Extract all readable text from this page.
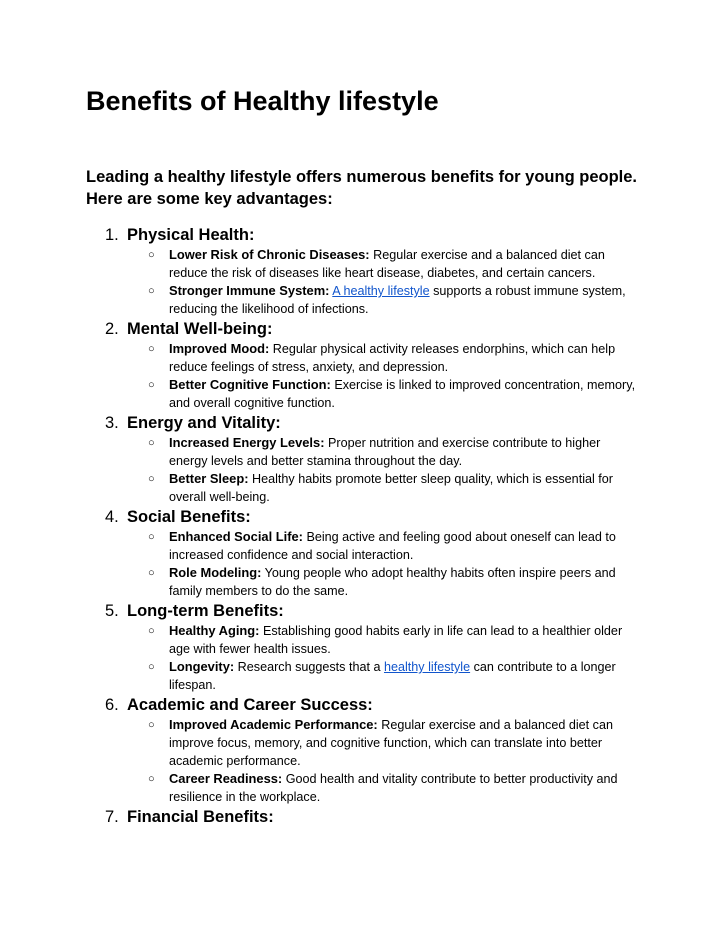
Benefits of Healthy lifestyle

Leading a healthy lifestyle offers numerous benefits for young people. Here are some key advantages:

1. Physical Health:
○ Lower Risk of Chronic Diseases: Regular exercise and a balanced diet can reduce the risk of diseases like heart disease, diabetes, and certain cancers.
○ Stronger Immune System: A healthy lifestyle supports a robust immune system, reducing the likelihood of infections.
2. Mental Well-being:
○ Improved Mood: Regular physical activity releases endorphins, which can help reduce feelings of stress, anxiety, and depression.
○ Better Cognitive Function: Exercise is linked to improved concentration, memory, and overall cognitive function.
3. Energy and Vitality:
○ Increased Energy Levels: Proper nutrition and exercise contribute to higher energy levels and better stamina throughout the day.
○ Better Sleep: Healthy habits promote better sleep quality, which is essential for overall well-being.
4. Social Benefits:
○ Enhanced Social Life: Being active and feeling good about oneself can lead to increased confidence and social interaction.
○ Role Modeling: Young people who adopt healthy habits often inspire peers and family members to do the same.
5. Long-term Benefits:
○ Healthy Aging: Establishing good habits early in life can lead to a healthier older age with fewer health issues.
○ Longevity: Research suggests that a healthy lifestyle can contribute to a longer lifespan.
6. Academic and Career Success:
○ Improved Academic Performance: Regular exercise and a balanced diet can improve focus, memory, and cognitive function, which can translate into better academic performance.
○ Career Readiness: Good health and vitality contribute to better productivity and resilience in the workplace.
7. Financial Benefits:
